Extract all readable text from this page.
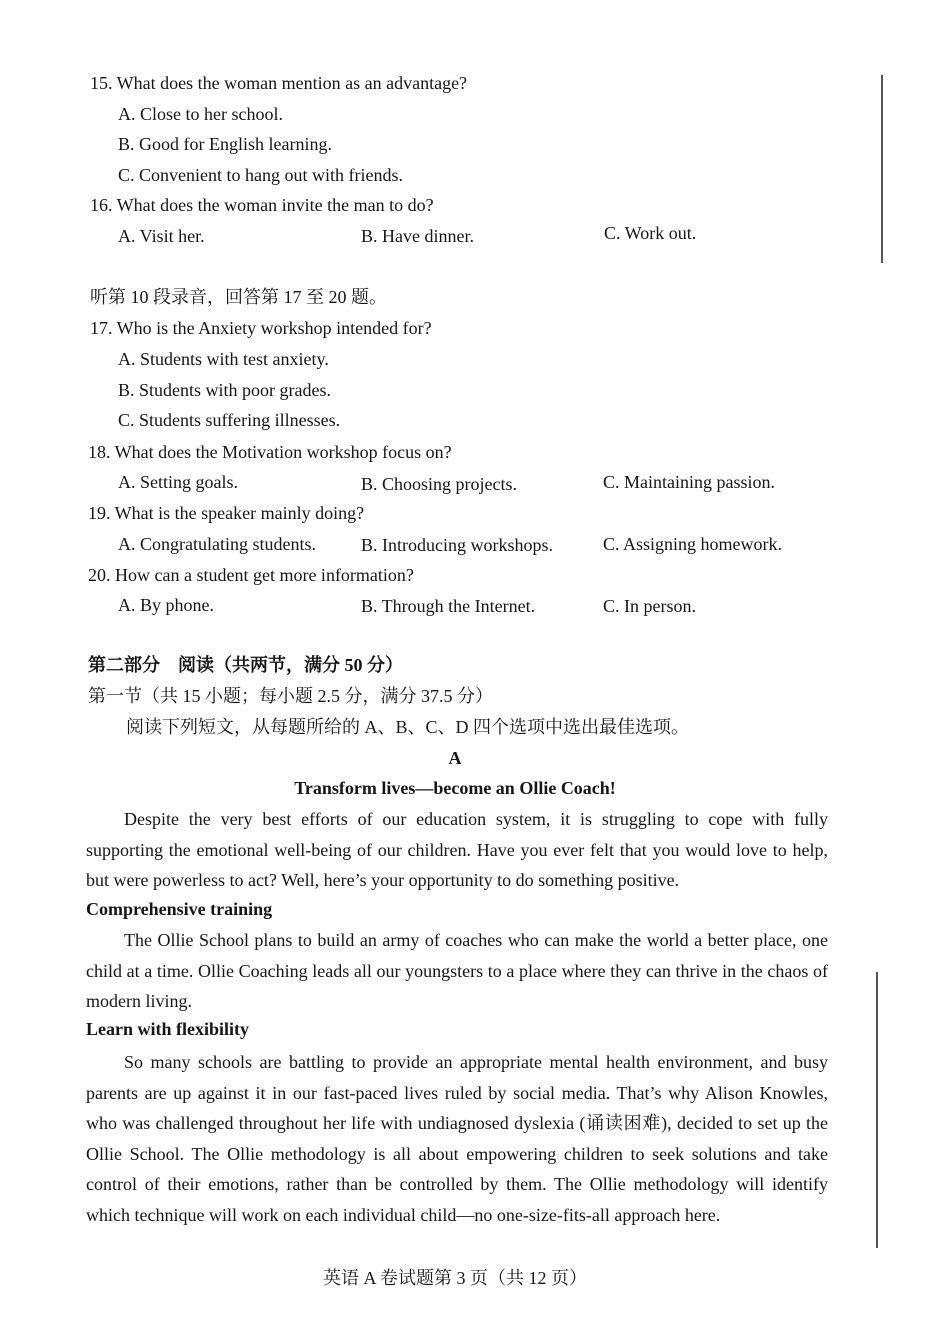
15. What does the woman mention as an advantage?
A. Close to her school.
B. Good for English learning.
C. Convenient to hang out with friends.
16. What does the woman invite the man to do?
A. Visit her.	B. Have dinner.	C. Work out.
听第 10 段录音，回答第 17 至 20 题。
17. Who is the Anxiety workshop intended for?
A. Students with test anxiety.
B. Students with poor grades.
C. Students suffering illnesses.
18. What does the Motivation workshop focus on?
A. Setting goals.	B. Choosing projects.	C. Maintaining passion.
19. What is the speaker mainly doing?
A. Congratulating students.	B. Introducing workshops.	C. Assigning homework.
20. How can a student get more information?
A. By phone.	B. Through the Internet.	C. In person.
第二部分　阅读（共两节，满分 50 分）
第一节（共 15 小题；每小题 2.5 分，满分 37.5 分）
阅读下列短文，从每题所给的 A、B、C、D 四个选项中选出最佳选项。
A
Transform lives—become an Ollie Coach!
Despite the very best efforts of our education system, it is struggling to cope with fully supporting the emotional well-being of our children. Have you ever felt that you would love to help, but were powerless to act? Well, here’s your opportunity to do something positive.
Comprehensive training
The Ollie School plans to build an army of coaches who can make the world a better place, one child at a time. Ollie Coaching leads all our youngsters to a place where they can thrive in the chaos of modern living.
Learn with flexibility
So many schools are battling to provide an appropriate mental health environment, and busy parents are up against it in our fast-paced lives ruled by social media. That’s why Alison Knowles, who was challenged throughout her life with undiagnosed dyslexia (诵读困难), decided to set up the Ollie School. The Ollie methodology is all about empowering children to seek solutions and take control of their emotions, rather than be controlled by them. The Ollie methodology will identify which technique will work on each individual child—no one-size-fits-all approach here.
英语 A 卷试题第 3 页（共 12 页）
